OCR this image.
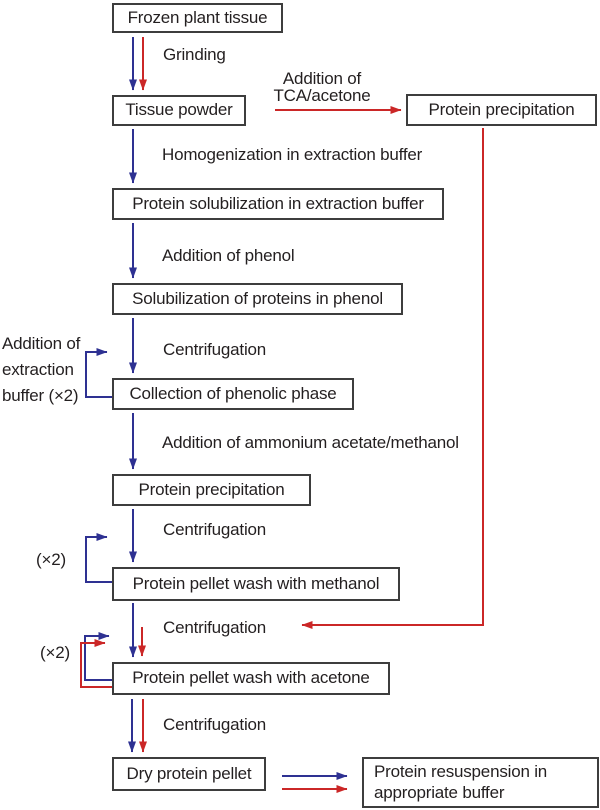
Frozen plant tissue
Tissue powder	Protein precipitation
Protein solubilization in extraction buffer
Solubilization of proteins in phenol
Collection of phenolic phase
Protein precipitation
Protein pellet wash with methanol
Protein pellet wash with acetone
Dry protein pellet	Protein resuspension in appropriate buffer
Grinding
Addition of
TCA/acetone
Homogenization in extraction buffer
Addition of phenol
Centrifugation
Addition of extraction buffer (×2)
Addition of ammonium acetate/methanol
Centrifugation
(×2)
Centrifugation
(×2)
Centrifugation
